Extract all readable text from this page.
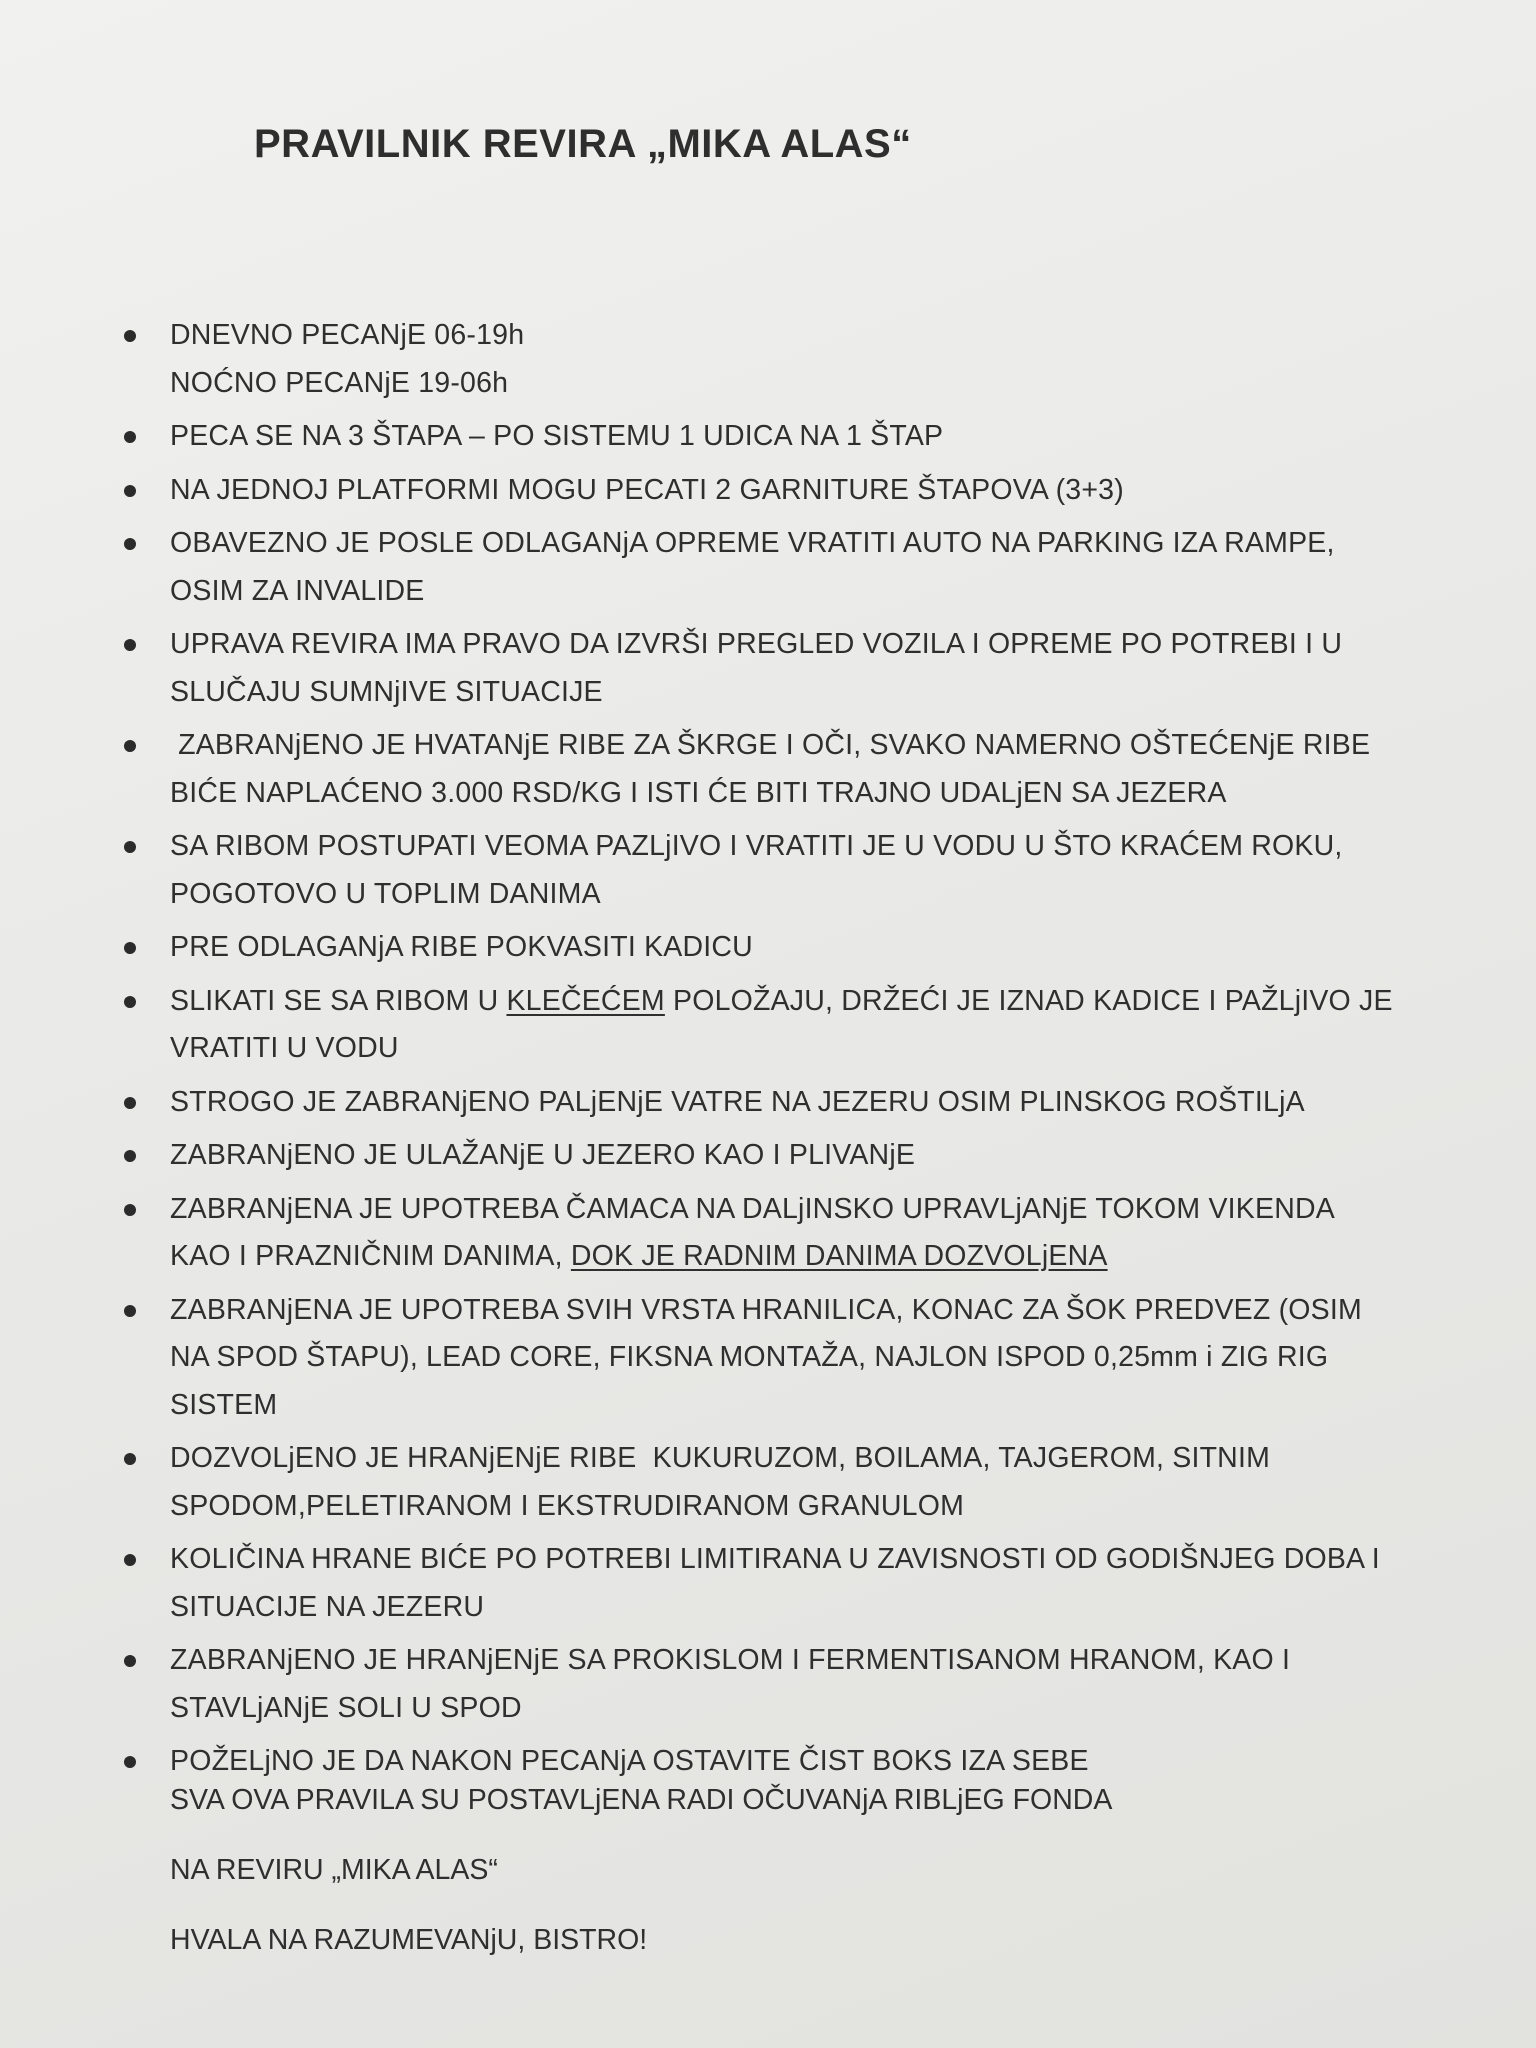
PRAVILNIK REVIRA „MIKA ALAS“
DNEVNO PECANjE 06-19h
NOĆNO PECANjE 19-06h
PECA SE NA 3 ŠTAPA – PO SISTEMU 1 UDICA NA 1 ŠTAP
NA JEDNOJ PLATFORMI MOGU PECATI 2 GARNITURE ŠTAPOVA (3+3)
OBAVEZNO JE POSLE ODLAGANjA OPREME VRATITI AUTO NA PARKING IZA RAMPE,
OSIM ZA INVALIDE
UPRAVA REVIRA IMA PRAVO DA IZVRŠI PREGLED VOZILA I OPREME PO POTREBI I U
SLUČAJU SUMNjIVE SITUACIJE
ZABRANjENO JE HVATANjE RIBE ZA ŠKRGE I OČI, SVAKO NAMERNO OŠTEĆENjE RIBE
BIĆE NAPLAĆENO 3.000 RSD/KG I ISTI ĆE BITI TRAJNO UDALjEN SA JEZERA
SA RIBOM POSTUPATI VEOMA PAZLjIVO I VRATITI JE U VODU U ŠTO KRAĆEM ROKU,
POGOTOVO U TOPLIM DANIMA
PRE ODLAGANjA RIBE POKVASITI KADICU
SLIKATI SE SA RIBOM U KLEČEĆEM POLOŽAJU, DRŽEĆI JE IZNAD KADICE I PAŽLjIVO JE
VRATITI U VODU
STROGO JE ZABRANjENO PALjENjE VATRE NA JEZERU OSIM PLINSKOG ROŠTILjA
ZABRANjENO JE ULAŽANjE U JEZERO KAO I PLIVANjE
ZABRANjENA JE UPOTREBA ČAMACA NA DALjINSKO UPRAVLjANjE TOKOM VIKENDA
KAO I PRAZNIČNIM DANIMA, DOK JE RADNIM DANIMA DOZVOLjENA
ZABRANjENA JE UPOTREBA SVIH VRSTA HRANILICA, KONAC ZA ŠOK PREDVEZ (OSIM
NA SPOD ŠTAPU), LEAD CORE, FIKSNA MONTAŽA, NAJLON ISPOD 0,25mm i ZIG RIG
SISTEM
DOZVOLjENO JE HRANjENjE RIBE  KUKURUZOM, BOILAMA, TAJGEROM, SITNIM
SPODOM,PELETIRANOM I EKSTRUDIRANOM GRANULOM
KOLIČINA HRANE BIĆE PO POTREBI LIMITIRANA U ZAVISNOSTI OD GODIŠNJEG DOBA I
SITUACIJE NA JEZERU
ZABRANjENO JE HRANjENjE SA PROKISLOM I FERMENTISANOM HRANOM, KAO I
STAVLjANjE SOLI U SPOD
POŽELjNO JE DA NAKON PECANjA OSTAVITE ČIST BOKS IZA SEBE

SVA OVA PRAVILA SU POSTAVLjENA RADI OČUVANjA RIBLjEG FONDA

NA REVIRU „MIKA ALAS“

HVALA NA RAZUMEVANjU, BISTRO!
